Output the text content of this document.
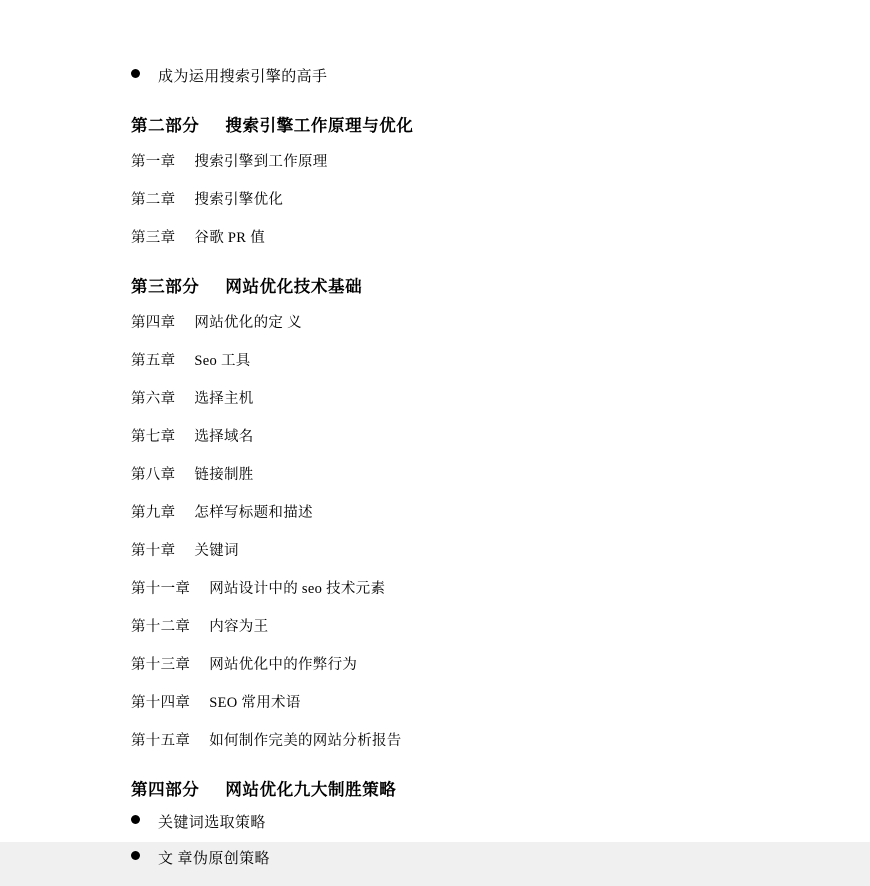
成为运用搜索引擎的高手
第二部分 搜索引擎工作原理与优化
第一章 搜索引擎到工作原理
第二章 搜索引擎优化
第三章 谷歌 PR 值
第三部分 网站优化技术基础
第四章 网站优化的定 义
第五章 Seo 工具
第六章 选择主机
第七章 选择域名
第八章 链接制胜
第九章 怎样写标题和描述
第十章 关键词
第十一章 网站设计中的 seo 技术元素
第十二章 内容为王
第十三章 网站优化中的作弊行为
第十四章 SEO 常用术语
第十五章 如何制作完美的网站分析报告
第四部分 网站优化九大制胜策略
关键词选取策略
文 章伪原创策略
